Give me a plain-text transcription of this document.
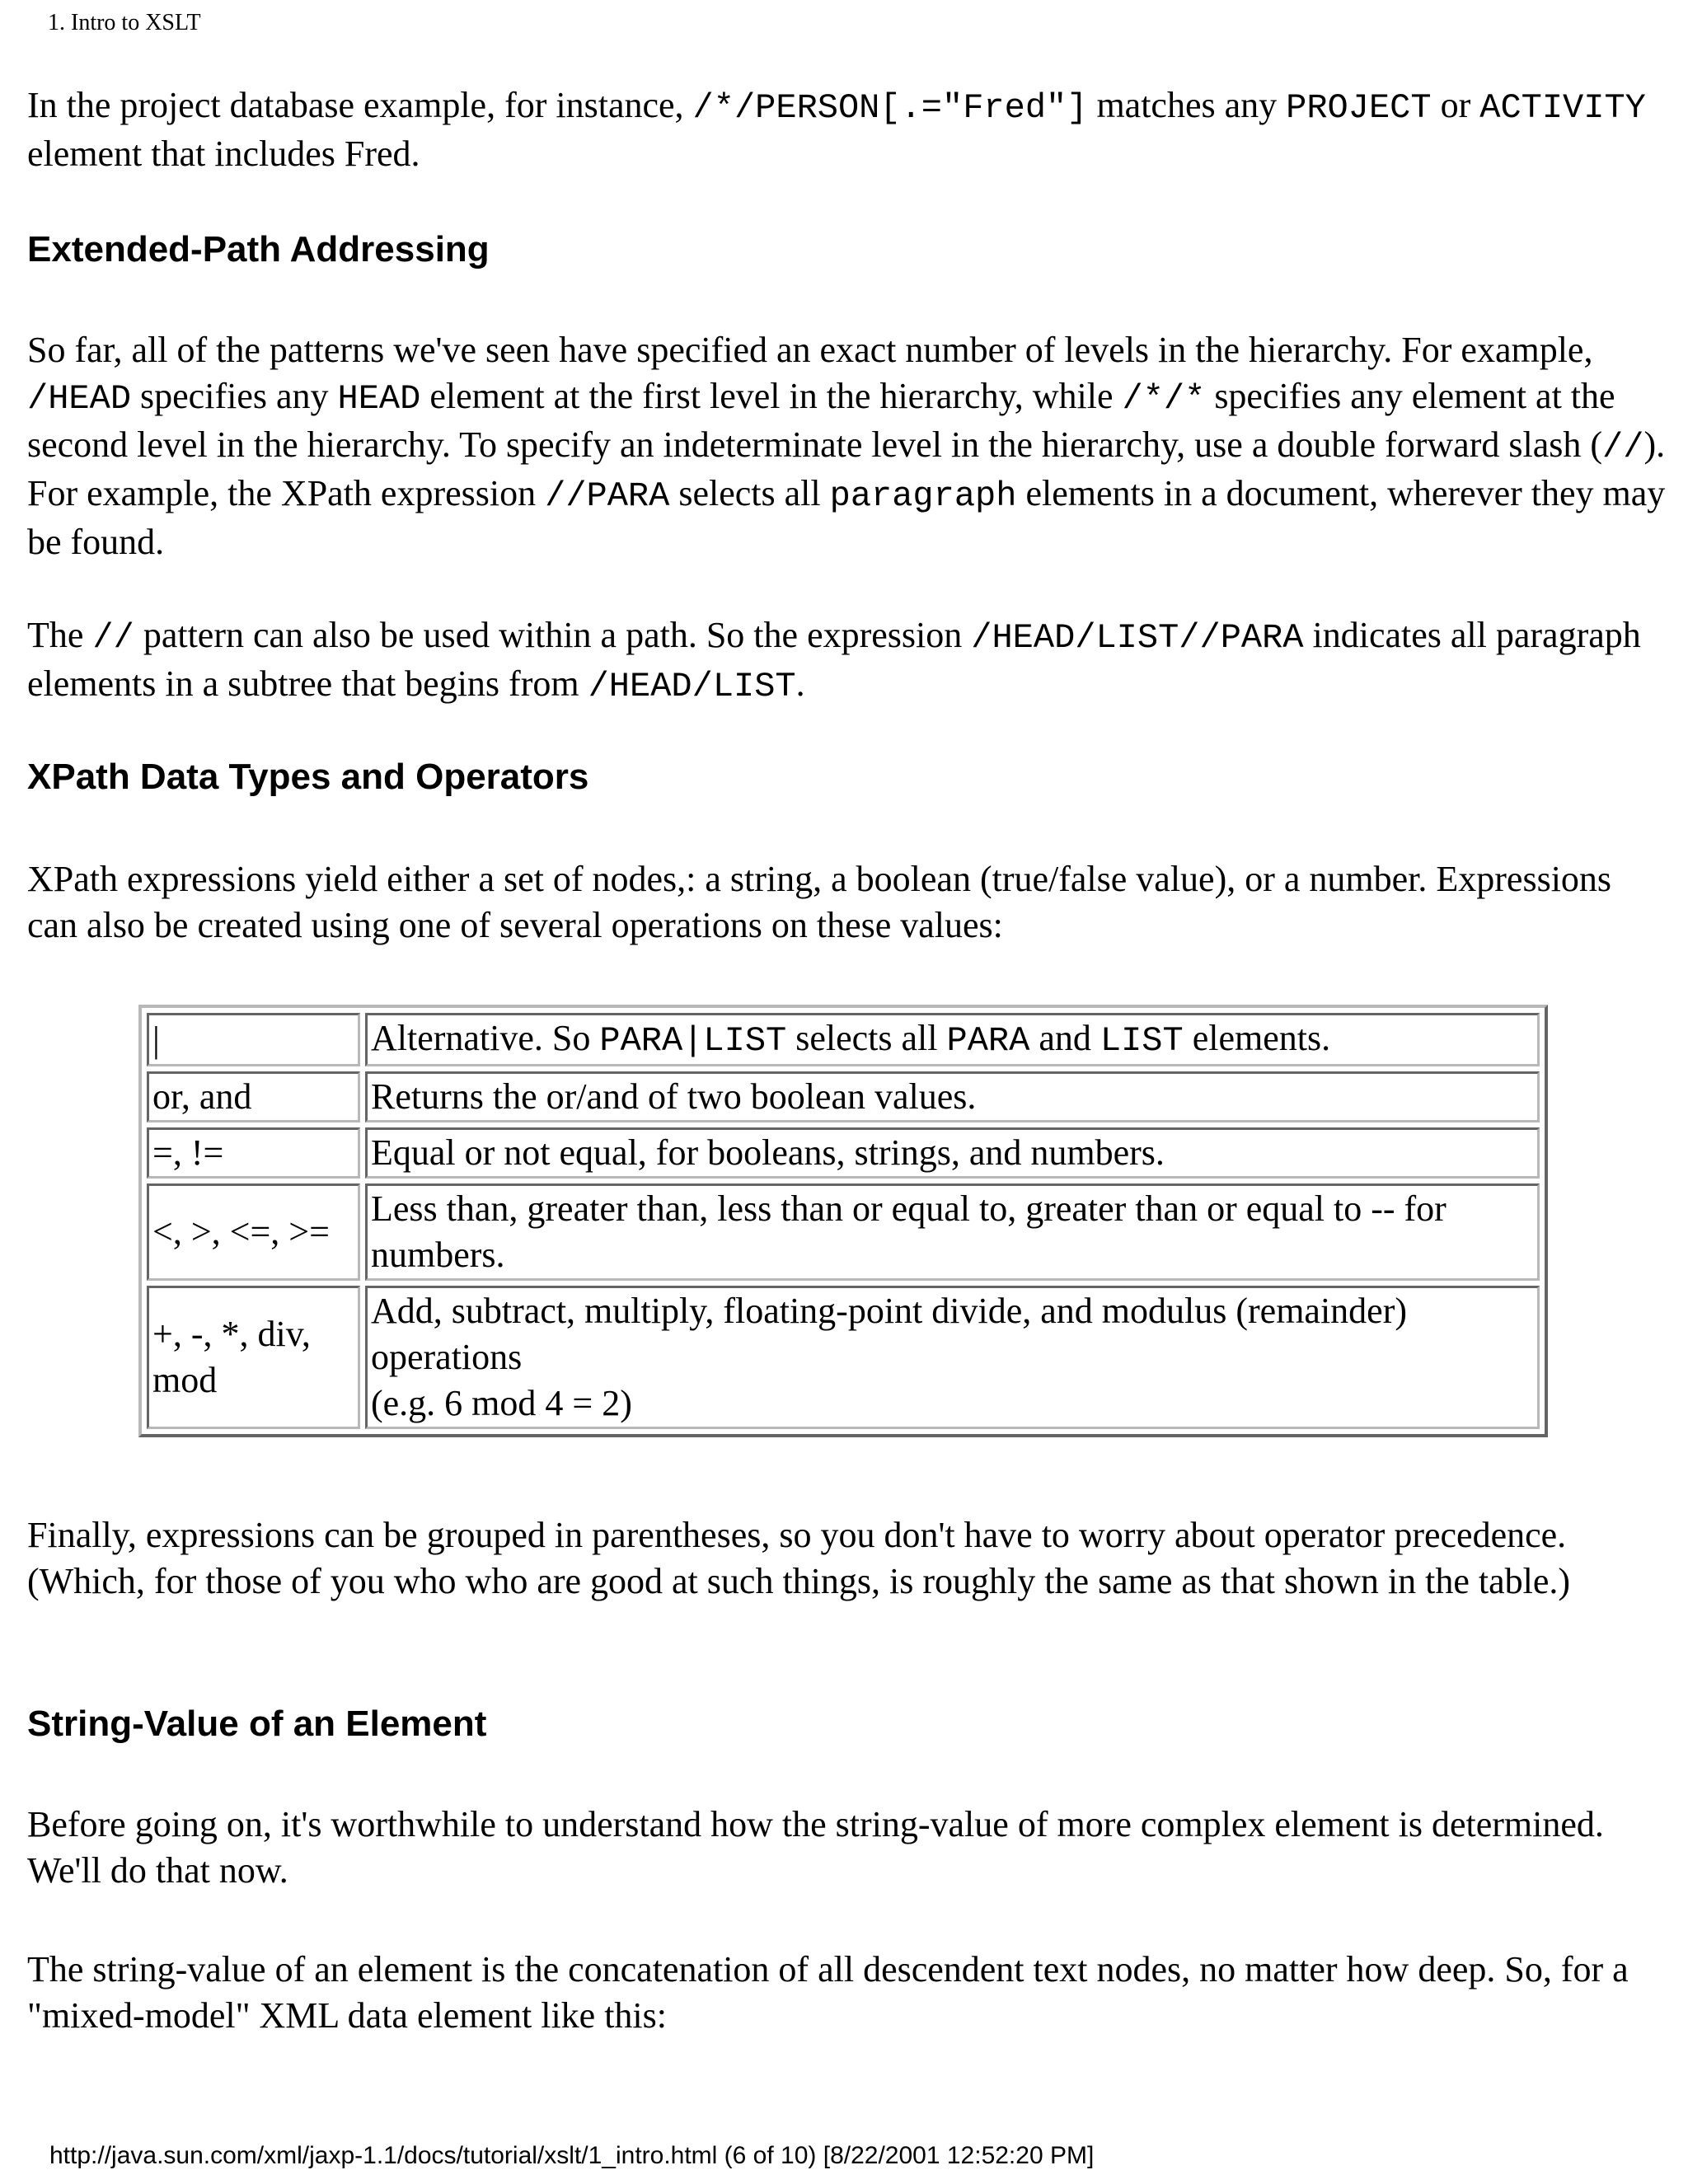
1. Intro to XSLT

In the project database example, for instance, /*/PERSON[.="Fred"] matches any PROJECT or ACTIVITY element that includes Fred.

Extended-Path Addressing

So far, all of the patterns we've seen have specified an exact number of levels in the hierarchy. For example, /HEAD specifies any HEAD element at the first level in the hierarchy, while /*/* specifies any element at the second level in the hierarchy. To specify an indeterminate level in the hierarchy, use a double forward slash (//). For example, the XPath expression //PARA selects all paragraph elements in a document, wherever they may be found.

The // pattern can also be used within a path. So the expression /HEAD/LIST//PARA indicates all paragraph elements in a subtree that begins from /HEAD/LIST.

XPath Data Types and Operators

XPath expressions yield either a set of nodes,: a string, a boolean (true/false value), or a number. Expressions can also be created using one of several operations on these values:

|	Alternative. So PARA|LIST selects all PARA and LIST elements.
or, and	Returns the or/and of two boolean values.
=, !=	Equal or not equal, for booleans, strings, and numbers.
<, >, <=, >=	Less than, greater than, less than or equal to, greater than or equal to -- for numbers.
+, -, *, div, mod	Add, subtract, multiply, floating-point divide, and modulus (remainder) operations
(e.g. 6 mod 4 = 2)

Finally, expressions can be grouped in parentheses, so you don't have to worry about operator precedence. (Which, for those of you who who are good at such things, is roughly the same as that shown in the table.)

String-Value of an Element

Before going on, it's worthwhile to understand how the string-value of more complex element is determined. We'll do that now.

The string-value of an element is the concatenation of all descendent text nodes, no matter how deep. So, for a "mixed-model" XML data element like this:

http://java.sun.com/xml/jaxp-1.1/docs/tutorial/xslt/1_intro.html (6 of 10) [8/22/2001 12:52:20 PM]
